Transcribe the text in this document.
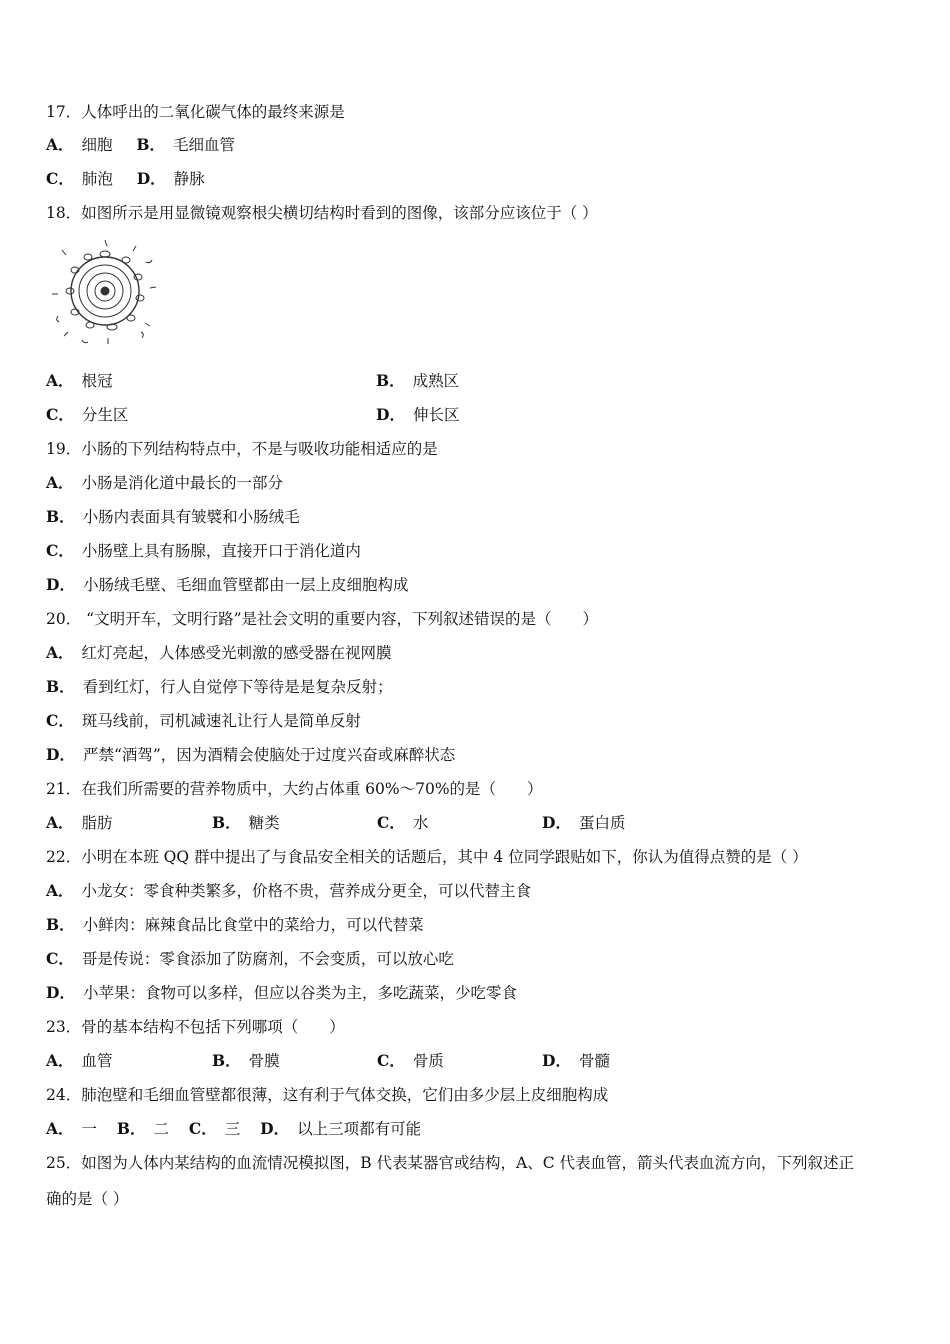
17．人体呼出的二氧化碳气体的最终来源是
A． 细胞 B． 毛细血管
C． 肺泡 D． 静脉
18．如图所示是用显微镜观察根尖横切结构时看到的图像，该部分应该位于（ ）
A． 根冠	B． 成熟区
C． 分生区	D． 伸长区
19．小肠的下列结构特点中，不是与吸收功能相适应的是
A． 小肠是消化道中最长的一部分
B． 小肠内表面具有皱襞和小肠绒毛
C． 小肠壁上具有肠腺，直接开口于消化道内
D． 小肠绒毛壁、毛细血管壁都由一层上皮细胞构成
20． “文明开车，文明行路”是社会文明的重要内容，下列叙述错误的是（　　）
A． 红灯亮起，人体感受光刺激的感受器在视网膜
B． 看到红灯，行人自觉停下等待是是复杂反射；
C． 斑马线前，司机减速礼让行人是简单反射
D． 严禁“酒驾”，因为酒精会使脑处于过度兴奋或麻醉状态
21．在我们所需要的营养物质中，大约占体重 60%～70%的是（　　）
A． 脂肪	B． 糖类	C． 水	D． 蛋白质
22．小明在本班 QQ 群中提出了与食品安全相关的话题后，其中 4 位同学跟贴如下，你认为值得点赞的是（ ）
A． 小龙女：零食种类繁多，价格不贵，营养成分更全，可以代替主食
B． 小鲜肉：麻辣食品比食堂中的菜给力，可以代替菜
C． 哥是传说：零食添加了防腐剂，不会变质，可以放心吃
D． 小苹果：食物可以多样，但应以谷类为主，多吃蔬菜，少吃零食
23．骨的基本结构不包括下列哪项（　　）
A． 血管	B． 骨膜	C． 骨质	D． 骨髓
24．肺泡壁和毛细血管壁都很薄，这有利于气体交换，它们由多少层上皮细胞构成
A． 一 B． 二 C． 三 D． 以上三项都有可能
25．如图为人体内某结构的血流情况模拟图，B 代表某器官或结构，A、C 代表血管，箭头代表血流方向，下列叙述正
确的是（ ）
